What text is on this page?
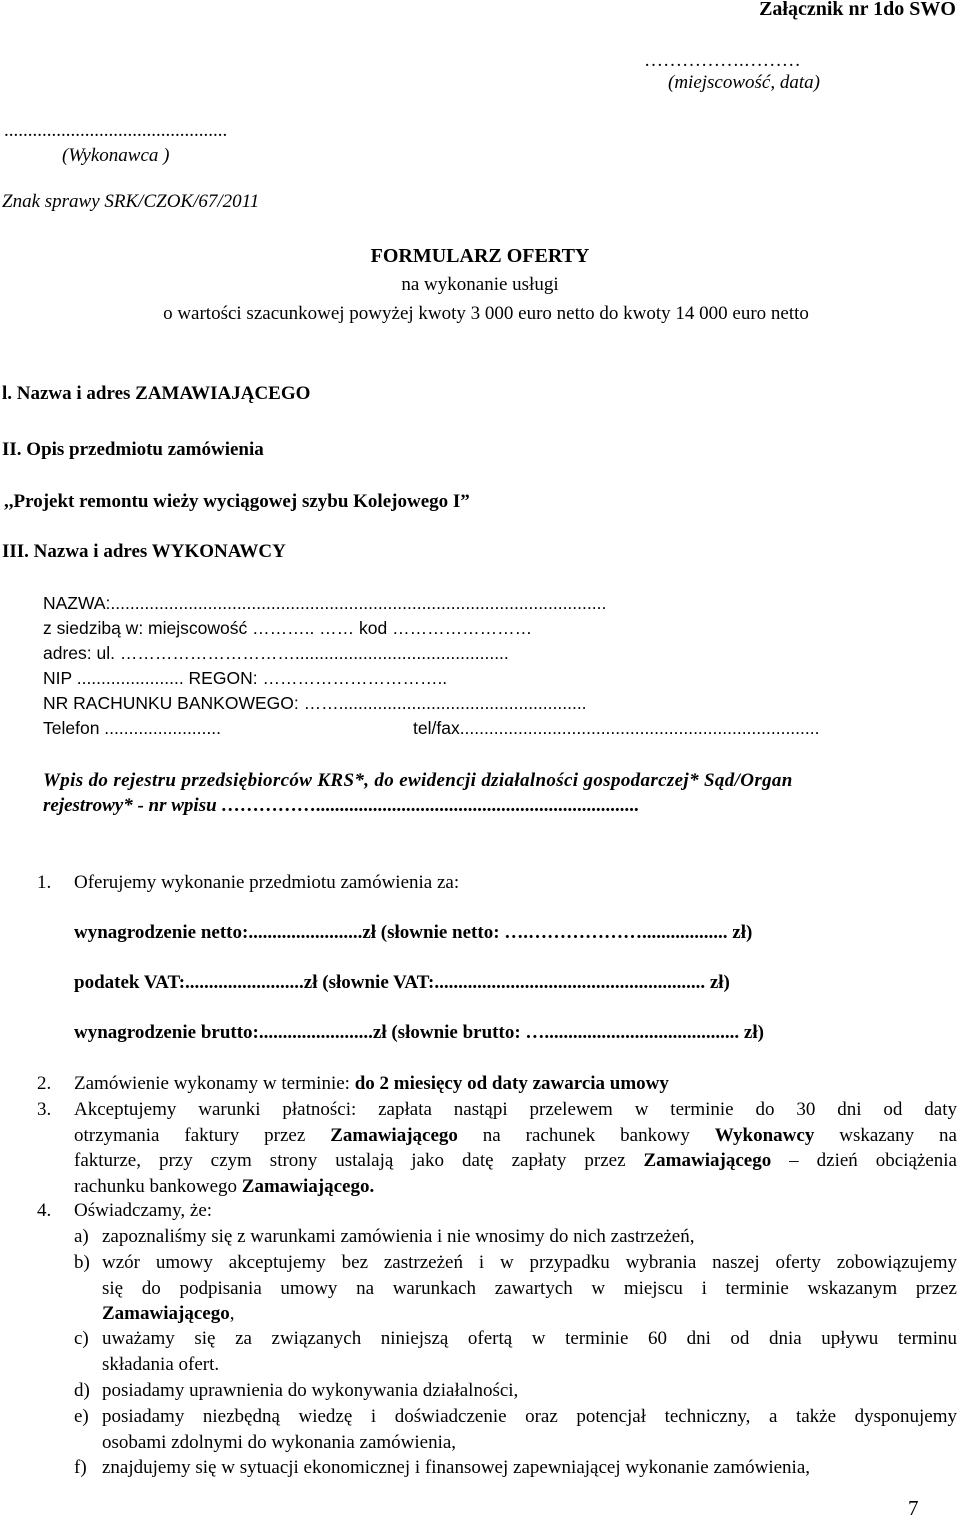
Załącznik nr 1do SWO
…………….………
(miejscowość, data)
...............................................
(Wykonawca )
Znak sprawy SRK/CZOK/67/2011
FORMULARZ OFERTY
na wykonanie usługi
o wartości szacunkowej powyżej kwoty 3 000 euro netto do kwoty 14 000 euro netto
l. Nazwa i adres ZAMAWIAJĄCEGO
II. Opis przedmiotu zamówienia
,,Projekt remontu wieży wyciągowej szybu Kolejowego I”
III. Nazwa i adres WYKONAWCY
NAZWA:......................................................................................................
z siedzibą w: miejscowość ……….. …… kod ……………………
adres: ul. …………………………............................................
NIP ...................... REGON: …………………………..
NR RACHUNKU BANKOWEGO: ……...................................................
Telefon ........................	tel/fax..........................................................................
Wpis do rejestru przedsiębiorców KRS*, do ewidencji działalności gospodarczej* Sąd/Organ
rejestrowy* - nr wpisu ……………....................................................................
1. Oferujemy wykonanie przedmiotu zamówienia za:
wynagrodzenie netto:........................zł (słownie netto: ….……………….................. zł)
podatek VAT:.........................zł (słownie VAT:......................................................... zł)
wynagrodzenie brutto:........................zł (słownie brutto: …......................................... zł)
2. Zamówienie wykonamy w terminie: do 2 miesięcy od daty zawarcia umowy
3. Akceptujemy warunki płatności: zapłata nastąpi przelewem w terminie do 30 dni od daty
otrzymania faktury przez Zamawiającego na rachunek bankowy Wykonawcy wskazany na
fakturze, przy czym strony ustalają jako datę zapłaty przez Zamawiającego – dzień obciążenia
rachunku bankowego Zamawiającego.
4. Oświadczamy, że:
a) zapoznaliśmy się z warunkami zamówienia i nie wnosimy do nich zastrzeżeń,
b) wzór umowy akceptujemy bez zastrzeżeń i w przypadku wybrania naszej oferty zobowiązujemy
się do podpisania umowy na warunkach zawartych w miejscu i terminie wskazanym przez
Zamawiającego,
c) uważamy się za związanych niniejszą ofertą w terminie 60 dni od dnia upływu terminu
składania ofert.
d) posiadamy uprawnienia do wykonywania działalności,
e) posiadamy niezbędną wiedzę i doświadczenie oraz potencjał techniczny, a także dysponujemy
osobami zdolnymi do wykonania zamówienia,
f) znajdujemy się w sytuacji ekonomicznej i finansowej zapewniającej wykonanie zamówienia,
7
